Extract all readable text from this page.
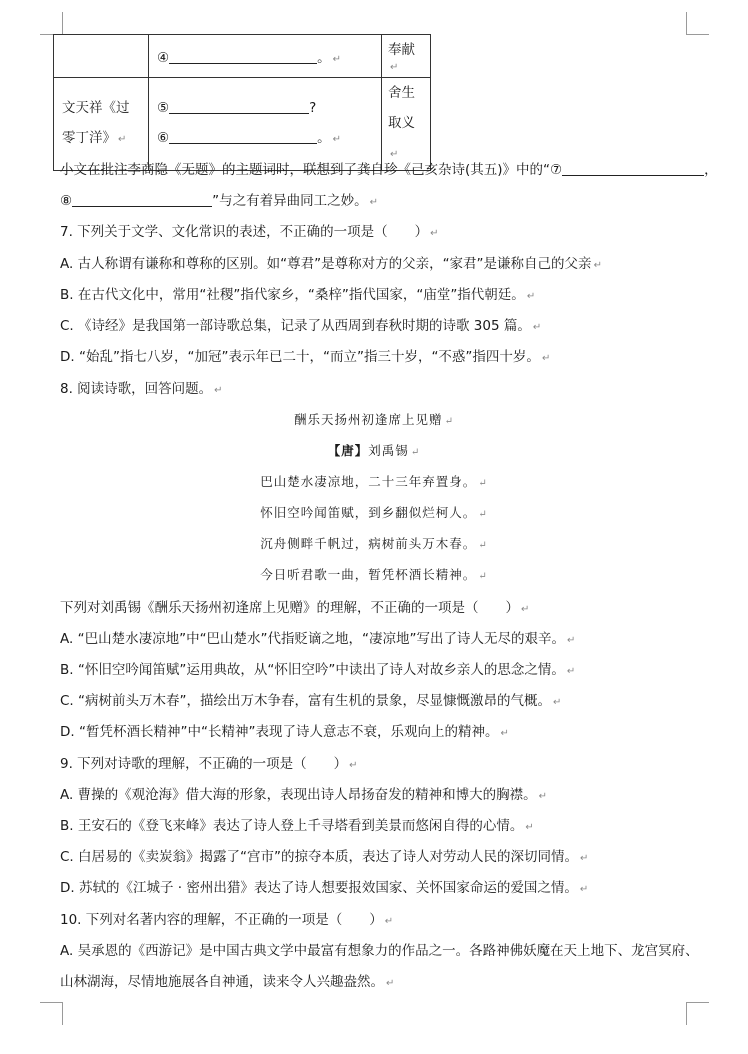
	④ 。 ↵	奉献↵
文天祥《过零丁洋》 ↵	⑤ ?
⑥ 。 ↵	舍生取义↵
小文在批注李商隐《无题》的主题词时，联想到了龚自珍《己亥杂诗(其五)》中的“⑦	，
⑧	”与之有着异曲同工之妙。 ↵
7. 下列关于文学、文化常识的表述，不正确的一项是（　　） ↵
A. 古人称谓有谦称和尊称的区别。如“尊君”是尊称对方的父亲，“家君”是谦称自己的父亲 ↵
B. 在古代文化中，常用“社稷”指代家乡，“桑梓”指代国家，“庙堂”指代朝廷。 ↵
C. 《诗经》是我国第一部诗歌总集，记录了从西周到春秋时期的诗歌 305 篇。 ↵
D. “始乱”指七八岁，“加冠”表示年已二十，“而立”指三十岁，“不惑”指四十岁。 ↵
8. 阅读诗歌，回答问题。 ↵
酬乐天扬州初逢席上见赠 ↵
【唐】刘禹锡 ↵
巴山楚水凄凉地，二十三年弃置身。 ↵
怀旧空吟闻笛赋，到乡翻似烂柯人。 ↵
沉舟侧畔千帆过，病树前头万木春。 ↵
今日听君歌一曲，暂凭杯酒长精神。 ↵
下列对刘禹锡《酬乐天扬州初逢席上见赠》的理解，不正确的一项是（　　） ↵
A. “巴山楚水凄凉地”中“巴山楚水”代指贬谪之地，“凄凉地”写出了诗人无尽的艰辛。 ↵
B. “怀旧空吟闻笛赋”运用典故，从“怀旧空吟”中读出了诗人对故乡亲人的思念之情。 ↵
C. “病树前头万木春”，描绘出万木争春，富有生机的景象，尽显慷慨激昂的气概。 ↵
D. “暂凭杯酒长精神”中“长精神”表现了诗人意志不衰，乐观向上的精神。 ↵
9. 下列对诗歌的理解，不正确的一项是（　　） ↵
A. 曹操的《观沧海》借大海的形象，表现出诗人昂扬奋发的精神和博大的胸襟。 ↵
B. 王安石的《登飞来峰》表达了诗人登上千寻塔看到美景而悠闲自得的心情。 ↵
C. 白居易的《卖炭翁》揭露了“宫市”的掠夺本质，表达了诗人对劳动人民的深切同情。 ↵
D. 苏轼的《江城子 · 密州出猎》表达了诗人想要报效国家、关怀国家命运的爱国之情。 ↵
10. 下列对名著内容的理解，不正确的一项是（　　） ↵
A. 吴承恩的《西游记》是中国古典文学中最富有想象力的作品之一。各路神佛妖魔在天上地下、龙宫冥府、
山林湖海，尽情地施展各自神通，读来令人兴趣盎然。 ↵
